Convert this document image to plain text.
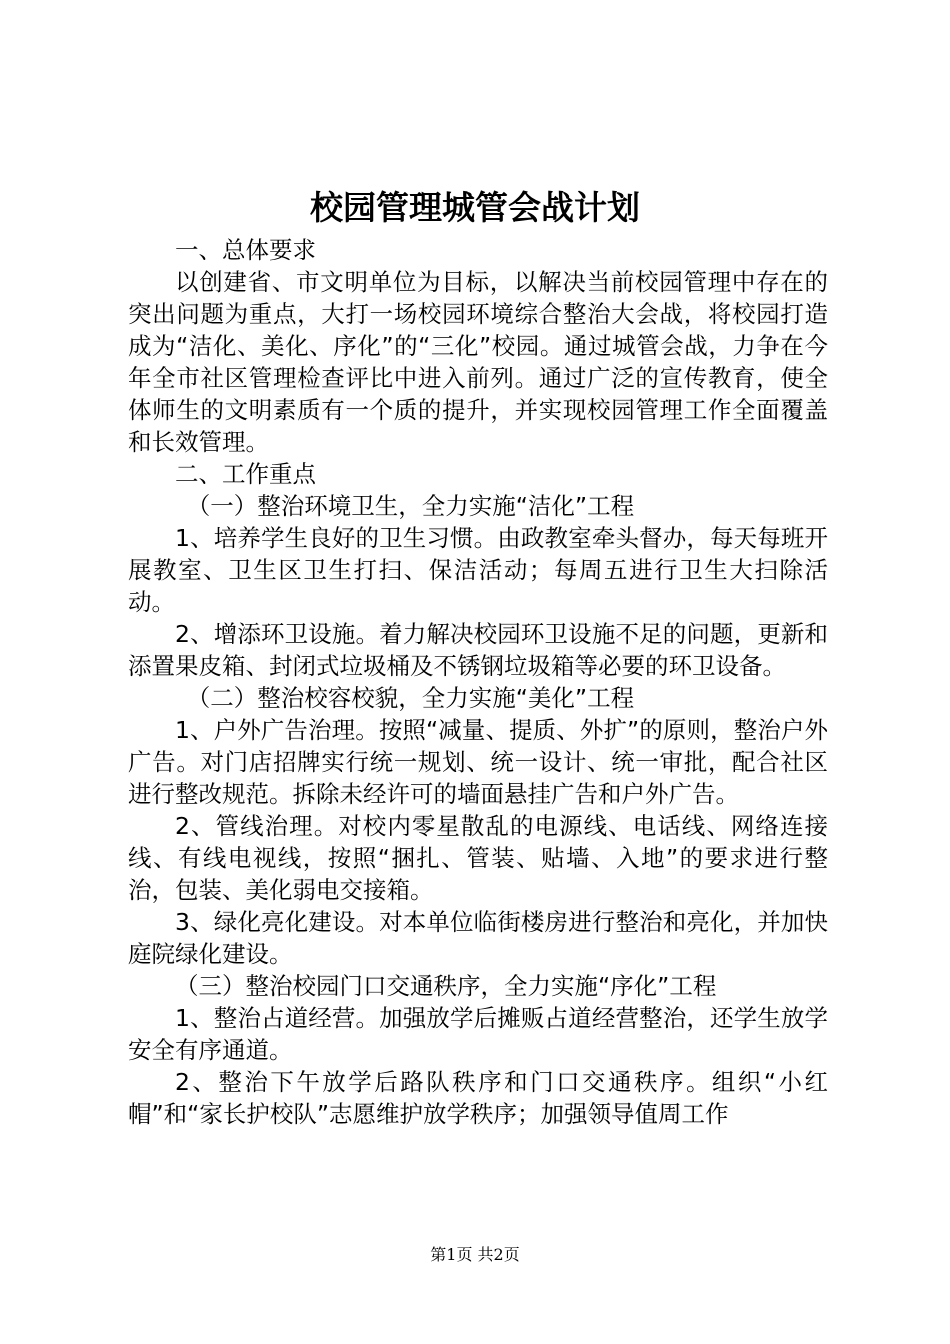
校园管理城管会战计划

一、总体要求

以创建省、市文明单位为目标，以解决当前校园管理中存在的突出问题为重点，大打一场校园环境综合整治大会战，将校园打造成为“洁化、美化、序化”的“三化”校园。通过城管会战，力争在今年全市社区管理检查评比中进入前列。通过广泛的宣传教育，使全体师生的文明素质有一个质的提升，并实现校园管理工作全面覆盖和长效管理。

二、工作重点

（一）整治环境卫生，全力实施“洁化”工程

1、培养学生良好的卫生习惯。由政教室牵头督办，每天每班开展教室、卫生区卫生打扫、保洁活动；每周五进行卫生大扫除活动。

2、增添环卫设施。着力解决校园环卫设施不足的问题，更新和添置果皮箱、封闭式垃圾桶及不锈钢垃圾箱等必要的环卫设备。

（二）整治校容校貌，全力实施“美化”工程

1、户外广告治理。按照“减量、提质、外扩”的原则，整治户外广告。对门店招牌实行统一规划、统一设计、统一审批，配合社区进行整改规范。拆除未经许可的墙面悬挂广告和户外广告。

2、管线治理。对校内零星散乱的电源线、电话线、网络连接线、有线电视线，按照“捆扎、管装、贴墙、入地”的要求进行整治，包装、美化弱电交接箱。

3、绿化亮化建设。对本单位临街楼房进行整治和亮化，并加快庭院绿化建设。

（三）整治校园门口交通秩序，全力实施“序化”工程

1、整治占道经营。加强放学后摊贩占道经营整治，还学生放学安全有序通道。

2、整治下午放学后路队秩序和门口交通秩序。组织“小红帽”和“家长护校队”志愿维护放学秩序；加强领导值周工作

第1页 共2页
